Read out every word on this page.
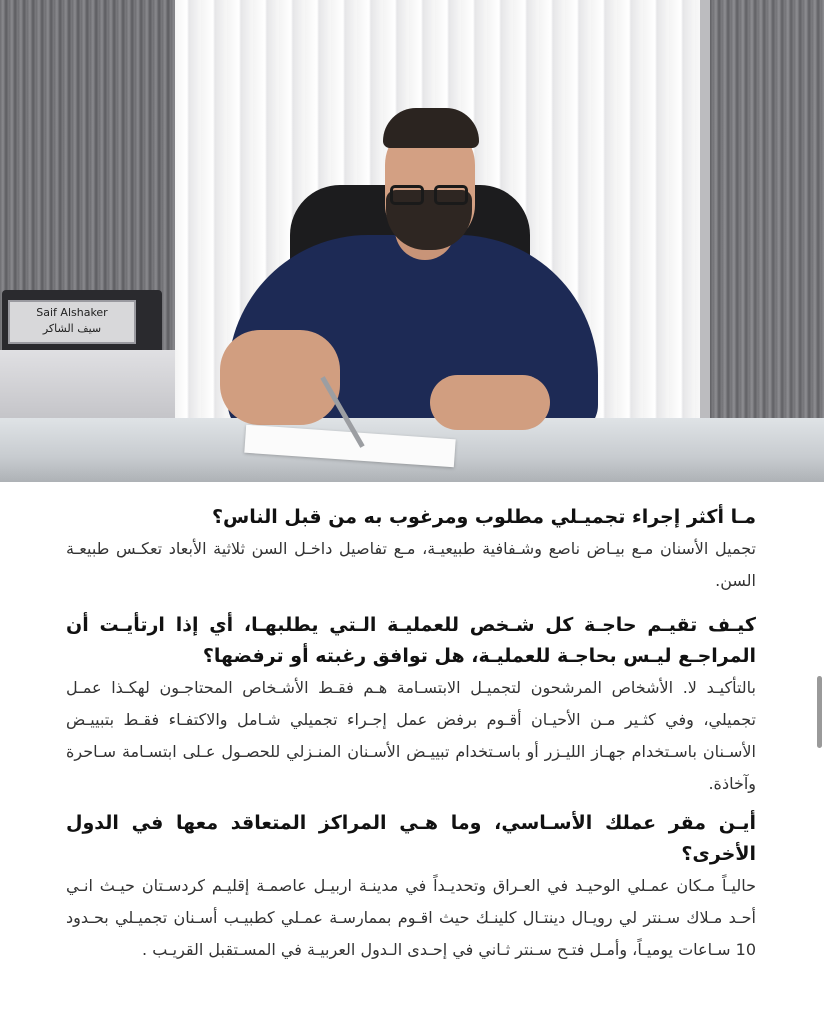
Saif Alshaker
سيف الشاكر

مـا أكثر إجراء تجميـلي مطلوب ومرغوب به من قبل الناس؟

تجميل الأسنان مـع بيـاض ناصع وشـفافية طبيعيـة، مـع تفاصيل داخـل السن ثلاثية الأبعاد تعكـس طبيعـة السن.

كيـف تقيـم حاجـة كل شـخص للعمليـة الـتي يطلبهـا، أي إذا ارتأيـت أن المراجـع ليـس بحاجـة للعمليـة، هل توافق رغبته أو ترفضها؟

بالتأكيـد لا. الأشخاص المرشحون لتجميـل الابتسـامة هـم فقـط الأشـخاص المحتاجـون لهكـذا عمـل تجميلي، وفي كثـير مـن الأحيـان أقـوم برفض عمل إجـراء تجميلي شـامل والاكتفـاء فقـط بتبييـض الأسـنان باسـتخدام جهـاز الليـزر أو باسـتخدام تبييـض الأسـنان المنـزلي للحصـول عـلى ابتسـامة سـاحرة وآخاذة.

أيـن مقر عملك الأسـاسي، وما هـي المراكز المتعاقد معها في الدول الأخرى؟

حاليـاً مـكان عمـلي الوحيـد في العـراق وتحديـداً في مدينـة اربيـل عاصمـة إقليـم كردسـتان حيـث انـي أحـد مـلاك سـنتر لي رويـال دينتـال كلينـك حيث اقـوم بممارسـة عمـلي كطبيـب أسـنان تجميـلي بحـدود 10 سـاعات يوميـاً، وأمـل فتـح سـنتر ثـاني في إحـدى الـدول العربيـة في المسـتقبل القريـب .
